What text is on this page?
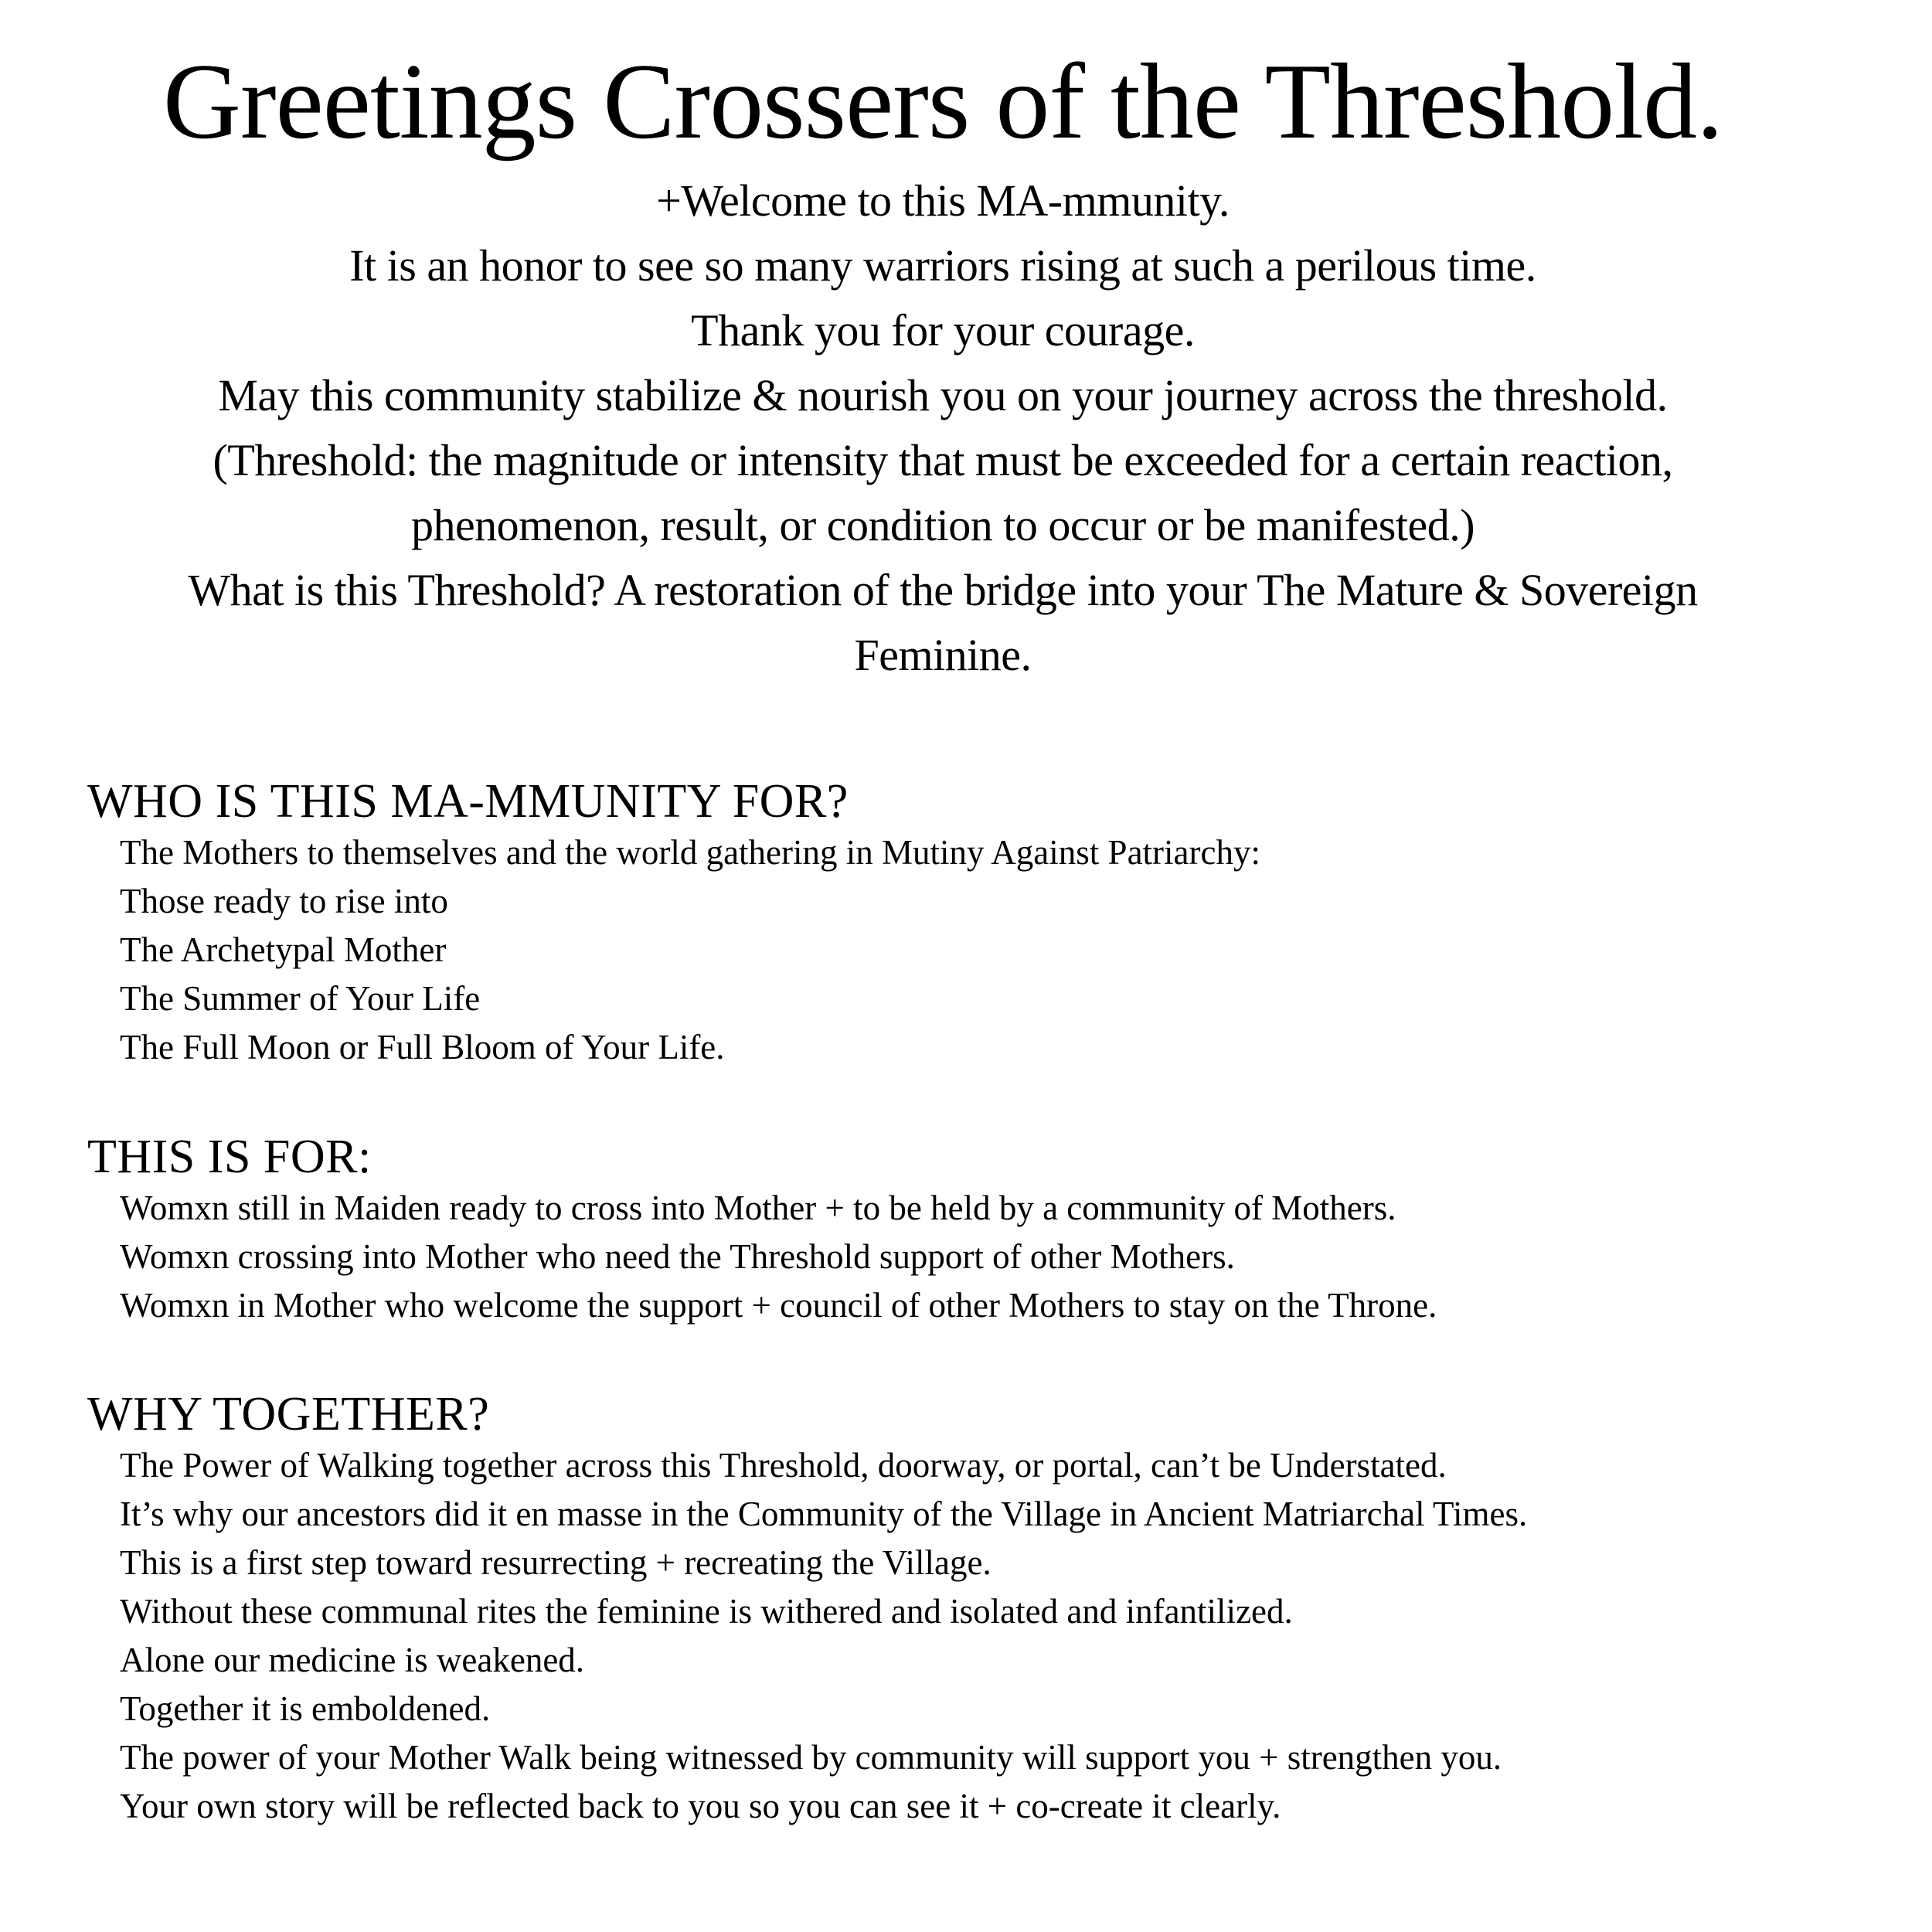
Greetings Crossers of the Threshold.
+Welcome to this MA-mmunity.
It is an honor to see so many warriors rising at such a perilous time.
Thank you for your courage.
May this community stabilize & nourish you on your journey across the threshold.
(Threshold: the magnitude or intensity that must be exceeded for a certain reaction,
phenomenon, result, or condition to occur or be manifested.)
What is this Threshold? A restoration of the bridge into your The Mature & Sovereign
Feminine.
WHO IS THIS MA-MMUNITY FOR?
The Mothers to themselves and the world gathering in Mutiny Against Patriarchy:
Those ready to rise into
The Archetypal Mother
The Summer of Your Life
The Full Moon or Full Bloom of Your Life.
THIS IS FOR:
Womxn still in Maiden ready to cross into Mother + to be held by a community of Mothers.
Womxn crossing into Mother who need the Threshold support of other Mothers.
Womxn in Mother who welcome the support + council of other Mothers to stay on the Throne.
WHY TOGETHER?
The Power of Walking together across this Threshold, doorway, or portal, can’t be Understated.
It’s why our ancestors did it en masse in the Community of the Village in Ancient Matriarchal Times.
This is a first step toward resurrecting + recreating the Village.
Without these communal rites the feminine is withered and isolated and infantilized.
Alone our medicine is weakened.
Together it is emboldened.
The power of your Mother Walk being witnessed by community will support you + strengthen you.
Your own story will be reflected back to you so you can see it + co-create it clearly.
